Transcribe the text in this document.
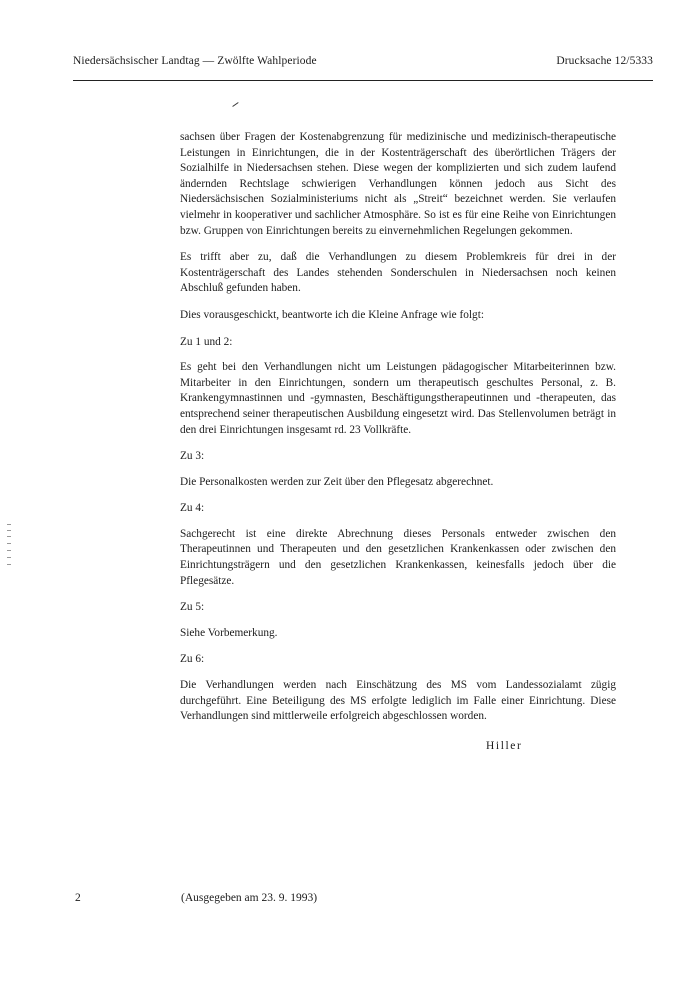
Niedersächsischer Landtag — Zwölfte Wahlperiode	Drucksache 12/5333

sachsen über Fragen der Kostenabgrenzung für medizinische und medizinisch-therapeutische Leistungen in Einrichtungen, die in der Kostenträgerschaft des überörtlichen Trägers der Sozialhilfe in Niedersachsen stehen. Diese wegen der komplizierten und sich zudem laufend ändernden Rechtslage schwierigen Verhandlungen können jedoch aus Sicht des Niedersächsischen Sozialministeriums nicht als „Streit“ bezeichnet werden. Sie verlaufen vielmehr in kooperativer und sachlicher Atmosphäre. So ist es für eine Reihe von Einrichtungen bzw. Gruppen von Einrichtungen bereits zu einvernehmlichen Regelungen gekommen.

Es trifft aber zu, daß die Verhandlungen zu diesem Problemkreis für drei in der Kostenträgerschaft des Landes stehenden Sonderschulen in Niedersachsen noch keinen Abschluß gefunden haben.

Dies vorausgeschickt, beantworte ich die Kleine Anfrage wie folgt:

Zu 1 und 2:

Es geht bei den Verhandlungen nicht um Leistungen pädagogischer Mitarbeiterinnen bzw. Mitarbeiter in den Einrichtungen, sondern um therapeutisch geschultes Personal, z. B. Krankengymnastinnen und -gymnasten, Beschäftigungstherapeutinnen und -therapeuten, das entsprechend seiner therapeutischen Ausbildung eingesetzt wird. Das Stellenvolumen beträgt in den drei Einrichtungen insgesamt rd. 23 Vollkräfte.

Zu 3:

Die Personalkosten werden zur Zeit über den Pflegesatz abgerechnet.

Zu 4:

Sachgerecht ist eine direkte Abrechnung dieses Personals entweder zwischen den Therapeutinnen und Therapeuten und den gesetzlichen Krankenkassen oder zwischen den Einrichtungsträgern und den gesetzlichen Krankenkassen, keinesfalls jedoch über die Pflegesätze.

Zu 5:

Siehe Vorbemerkung.

Zu 6:

Die Verhandlungen werden nach Einschätzung des MS vom Landessozialamt zügig durchgeführt. Eine Beteiligung des MS erfolgte lediglich im Falle einer Einrichtung. Diese Verhandlungen sind mittlerweile erfolgreich abgeschlossen worden.

Hiller
2	(Ausgegeben am 23. 9. 1993)
